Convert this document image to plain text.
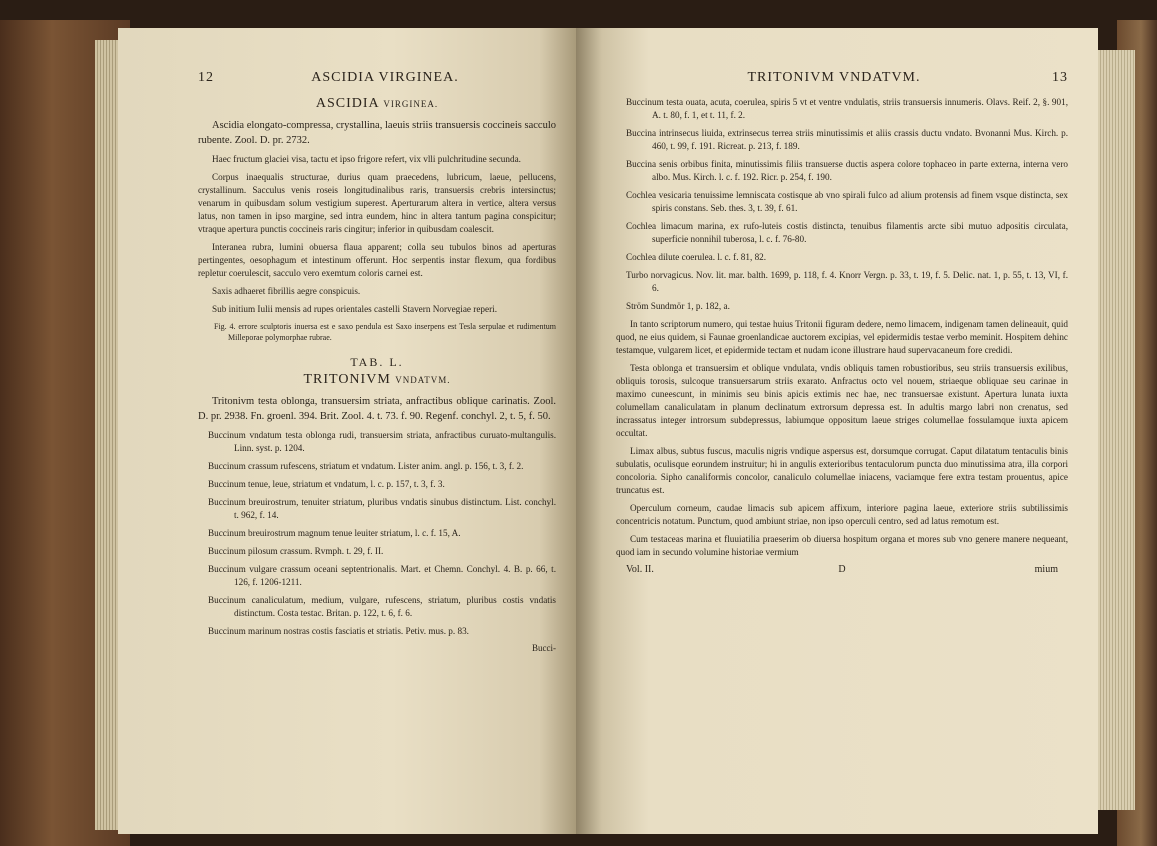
12	ASCIDIA VIRGINEA.
ASCIDIA VIRGINEA.

Ascidia elongato-compressa, crystallina, laeuis striis transuersis coccineis sacculo rubente. Zool. D. pr. 2732.

Haec fructum glaciei visa, tactu et ipso frigore refert, vix vlli pulchritudine secunda.

Corpus inaequalis structurae, durius quam praecedens, lubricum, laeue, pellucens, crystallinum. Sacculus venis roseis longitudinalibus raris, transuersis crebris intersinctus; venarum in quibusdam solum vestigium superest. Aperturarum altera in vertice, altera versus latus, non tamen in ipso margine, sed intra eundem, hinc in altera tantum pagina conspicitur; vtraque apertura punctis coccineis raris cingitur; inferior in quibusdam coalescit.

Interanea rubra, lumini obuersa flaua apparent; colla seu tubulos binos ad aperturas pertingentes, oesophagum et intestinum offerunt. Hoc serpentis instar flexum, qua fordibus repletur coerulescit, sacculo vero exemtum coloris carnei est.

Saxis adhaeret fibrillis aegre conspicuis.

Sub initium Iulii mensis ad rupes orientales castelli Stavern Norvegiae reperi.

Fig. 4. errore sculptoris inuersa est e saxo pendula est Saxo inserpens est Tesla serpulae et rudimentum Milleporae polymorphae rubrae.

TAB. L.
TRITONIVM VNDATVM.

Tritonivm testa oblonga, transuersim striata, anfractibus oblique carinatis. Zool. D. pr. 2938. Fn. groenl. 394. Brit. Zool. 4. t. 73. f. 90. Regenf. conchyl. 2, t. 5, f. 50.

Buccinum vndatum testa oblonga rudi, transuersim striata, anfractibus curuato-multangulis. Linn. syst. p. 1204.

Buccinum crassum rufescens, striatum et vndatum. Lister anim. angl. p. 156, t. 3, f. 2.

Buccinum tenue, leue, striatum et vndatum, l. c. p. 157, t. 3, f. 3.

Buccinum breuirostrum, tenuiter striatum, pluribus vndatis sinubus distinctum. List. conchyl. t. 962, f. 14.

Buccinum breuirostrum magnum tenue leuiter striatum, l. c. f. 15, A.

Buccinum pilosum crassum. Rvmph. t. 29, f. II.

Buccinum vulgare crassum oceani septentrionalis. Mart. et Chemn. Conchyl. 4. B. p. 66, t. 126, f. 1206-1211.

Buccinum canaliculatum, medium, vulgare, rufescens, striatum, pluribus costis vndatis distinctum. Costa testac. Britan. p. 122, t. 6, f. 6.

Buccinum marinum nostras costis fasciatis et striatis. Petiv. mus. p. 83.

Bucci-
TRITONIVM VNDATVM.	13

Buccinum testa ouata, acuta, coerulea, spiris 5 vt et ventre vndulatis, striis transuersis innumeris. Olavs. Reif. 2, §. 901, A. t. 80, f. 1, et t. 11, f. 2.

Buccina intrinsecus liuida, extrinsecus terrea striis minutissimis et aliis crassis ductu vndato. Bvonanni Mus. Kirch. p. 460, t. 99, f. 191. Ricreat. p. 213, f. 189.

Buccina senis orbibus finita, minutissimis filiis transuerse ductis aspera colore tophaceo in parte externa, interna vero albo. Mus. Kirch. l. c. f. 192. Ricr. p. 254, f. 190.

Cochlea vesicaria tenuissime lemniscata costisque ab vno spirali fulco ad alium protensis ad finem vsque distincta, sex spiris constans. Seb. thes. 3, t. 39, f. 61.

Cochlea limacum marina, ex rufo-luteis costis distincta, tenuibus filamentis arcte sibi mutuo adpositis circulata, superficie nonnihil tuberosa, l. c. f. 76-80.

Cochlea dilute coerulea. l. c. f. 81, 82.

Turbo norvagicus. Nov. lit. mar. balth. 1699, p. 118, f. 4. Knorr Vergn. p. 33, t. 19, f. 5. Delic. nat. 1, p. 55, t. 13, VI, f. 6.

Ström Sundmör 1, p. 182, a.

In tanto scriptorum numero, qui testae huius Tritonii figuram dedere, nemo limacem, indigenam tamen delineauit, quid quod, ne eius quidem, si Faunae groenlandicae auctorem excipias, vel epidermidis testae verbo meminit. Hospitem dehinc testamque, vulgarem licet, et epidermide tectam et nudam icone illustrare haud supervacaneum fore credidi.

Testa oblonga et transuersim et oblique vndulata, vndis obliquis tamen robustioribus, seu striis transuersis exilibus, obliquis torosis, sulcoque transuersarum striis exarato. Anfractus octo vel nouem, striaeque obliquae seu carinae in maximo cuneescunt, in minimis seu binis apicis extimis nec hae, nec transuersae existunt. Apertura lunata iuxta columellam canaliculatam in planum declinatum extrorsum depressa est. In adultis margo labri non crenatus, sed incrassatus integer introrsum subdepressus, labiumque oppositum laeue striges columellae fossulamque iuxta apicem occultat.

Limax albus, subtus fuscus, maculis nigris vndique aspersus est, dorsumque corrugat. Caput dilatatum tentaculis binis subulatis, oculisque eorundem instruitur; hi in angulis exterioribus tentaculorum puncta duo minutissima atra, illa corpori concoloria. Sipho canaliformis concolor, canaliculo columellae iniacens, vaciamque fere extra testam prouentus, apice truncatus est.

Operculum corneum, caudae limacis sub apicem affixum, interiore pagina laeue, exteriore striis subtilissimis concentricis notatum. Punctum, quod ambiunt striae, non ipso operculi centro, sed ad latus remotum est.

Cum testaceas marina et fluuiatilia praeserim ob diuersa hospitum organa et mores sub vno genere manere nequeant, quod iam in secundo volumine historiae vermium

Vol. II.	D	mium
